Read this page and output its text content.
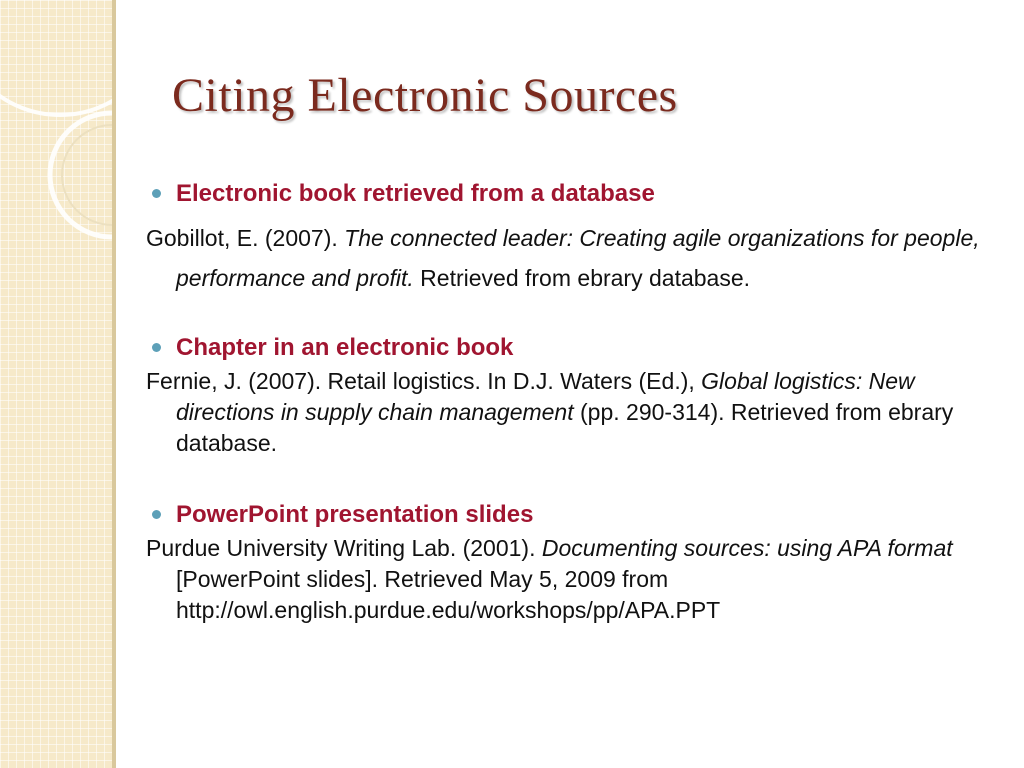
Citing Electronic Sources
Electronic book retrieved from a database
Gobillot, E. (2007). The connected leader: Creating agile organizations for people, performance and profit. Retrieved from ebrary database.
Chapter in an electronic book
Fernie, J. (2007). Retail logistics. In D.J. Waters (Ed.), Global logistics: New directions in supply chain management (pp. 290-314). Retrieved from ebrary database.
PowerPoint presentation slides
Purdue University Writing Lab. (2001). Documenting sources: using APA format [PowerPoint slides]. Retrieved May 5, 2009 from http://owl.english.purdue.edu/workshops/pp/APA.PPT
